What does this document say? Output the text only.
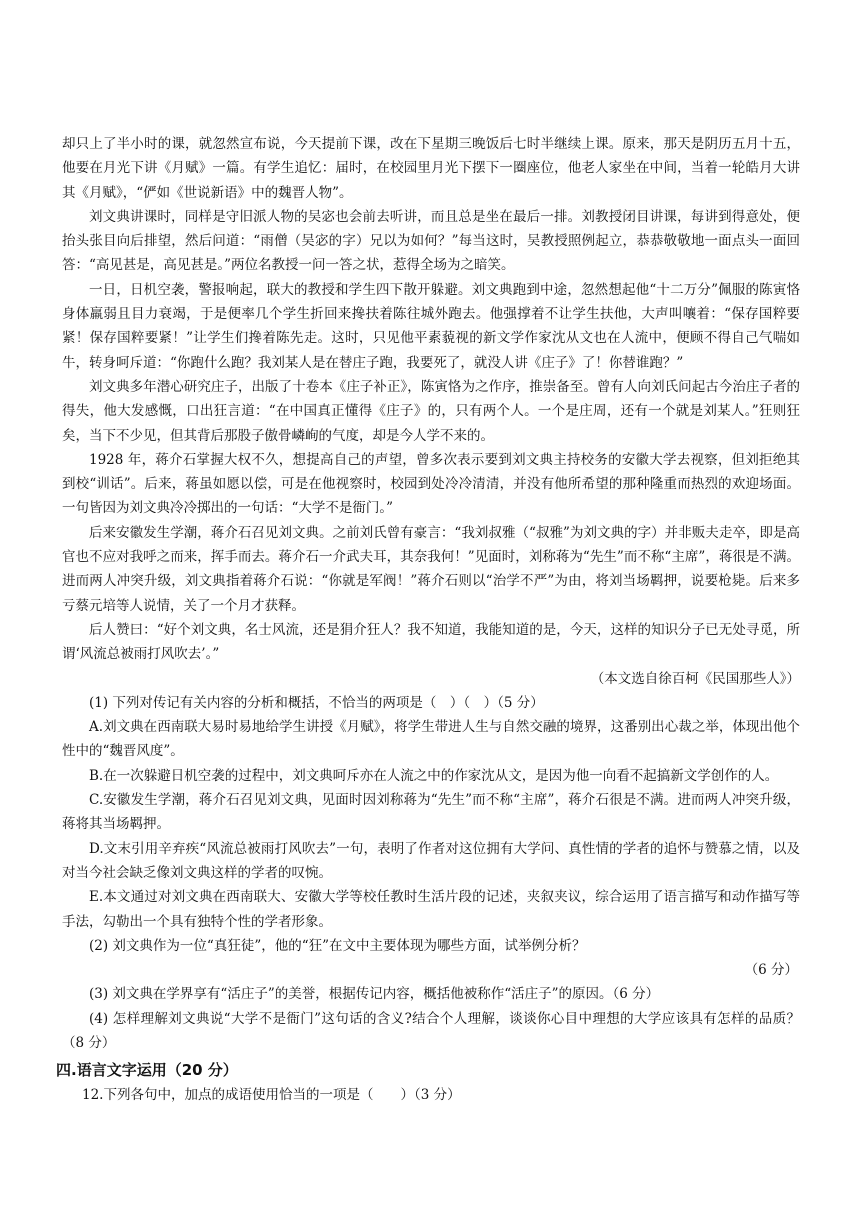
却只上了半小时的课，就忽然宣布说，今天提前下课，改在下星期三晚饭后七时半继续上课。原来，那天是阴历五月十五，他要在月光下讲《月赋》一篇。有学生追忆：届时，在校园里月光下摆下一圈座位，他老人家坐在中间，当着一轮皓月大讲其《月赋》，“俨如《世说新语》中的魏晋人物”。

刘文典讲课时，同样是守旧派人物的吴宓也会前去听讲，而且总是坐在最后一排。刘教授闭目讲课，每讲到得意处，便抬头张目向后排望，然后问道：“雨僧（吴宓的字）兄以为如何？”每当这时，吴教授照例起立，恭恭敬敬地一面点头一面回答：“高见甚是，高见甚是。”两位名教授一问一答之状，惹得全场为之暗笑。

一日，日机空袭，警报响起，联大的教授和学生四下散开躲避。刘文典跑到中途，忽然想起他“十二万分”佩服的陈寅恪身体羸弱且目力衰竭，于是便率几个学生折回来搀扶着陈往城外跑去。他强撑着不让学生扶他，大声叫嚷着：“保存国粹要紧！保存国粹要紧！”让学生们搀着陈先走。这时，只见他平素藐视的新文学作家沈从文也在人流中，便顾不得自己气喘如牛，转身呵斥道：“你跑什么跑？我刘某人是在替庄子跑，我要死了，就没人讲《庄子》了！你替谁跑？”

刘文典多年潜心研究庄子，出版了十卷本《庄子补正》，陈寅恪为之作序，推崇备至。曾有人向刘氏问起古今治庄子者的得失，他大发感慨，口出狂言道：“在中国真正懂得《庄子》的，只有两个人。一个是庄周，还有一个就是刘某人。”狂则狂矣，当下不少见，但其背后那股子傲骨嶙峋的气度，却是今人学不来的。

1928 年，蒋介石掌握大权不久，想提高自己的声望，曾多次表示要到刘文典主持校务的安徽大学去视察，但刘拒绝其到校“训话”。后来，蒋虽如愿以偿，可是在他视察时，校园到处冷冷清清，并没有他所希望的那种隆重而热烈的欢迎场面。一句皆因为刘文典冷冷掷出的一句话：“大学不是衙门。”

后来安徽发生学潮，蒋介石召见刘文典。之前刘氏曾有豪言：“我刘叔雅（“叔雅”为刘文典的字）并非贩夫走卒，即是高官也不应对我呼之而来，挥手而去。蒋介石一介武夫耳，其奈我何！”见面时，刘称蒋为“先生”而不称“主席”，蒋很是不满。进而两人冲突升级，刘文典指着蒋介石说：“你就是军阀！”蒋介石则以“治学不严”为由，将刘当场羁押，说要枪毙。后来多亏蔡元培等人说情，关了一个月才获释。

后人赞曰：“好个刘文典，名士风流，还是狷介狂人？我不知道，我能知道的是，今天，这样的知识分子已无处寻觅，所谓‘风流总被雨打风吹去’。”

（本文选自徐百柯《民国那些人》）

(1) 下列对传记有关内容的分析和概括，不恰当的两项是（　）（　）（5 分）

A.刘文典在西南联大易时易地给学生讲授《月赋》，将学生带进人生与自然交融的境界，这番别出心裁之举，体现出他个性中的“魏晋风度”。

B.在一次躲避日机空袭的过程中，刘文典呵斥亦在人流之中的作家沈从文，是因为他一向看不起搞新文学创作的人。

C.安徽发生学潮，蒋介石召见刘文典，见面时因刘称蒋为“先生”而不称“主席”，蒋介石很是不满。进而两人冲突升级，蒋将其当场羁押。

D.文末引用辛弃疾“风流总被雨打风吹去”一句，表明了作者对这位拥有大学问、真性情的学者的追怀与赞慕之情，以及对当今社会缺乏像刘文典这样的学者的叹惋。

E.本文通过对刘文典在西南联大、安徽大学等校任教时生活片段的记述，夹叙夹议，综合运用了语言描写和动作描写等手法，勾勒出一个具有独特个性的学者形象。

(2) 刘文典作为一位“真狂徒”，他的“狂”在文中主要体现为哪些方面，试举例分析？

（6 分）

(3) 刘文典在学界享有“活庄子”的美誉，根据传记内容，概括他被称作“活庄子”的原因。（6 分）

(4) 怎样理解刘文典说“大学不是衙门”这句话的含义?结合个人理解，谈谈你心目中理想的大学应该具有怎样的品质？（8 分）

四.语言文字运用（20 分）

12.下列各句中，加点的成语使用恰当的一项是（　　）（3 分）
